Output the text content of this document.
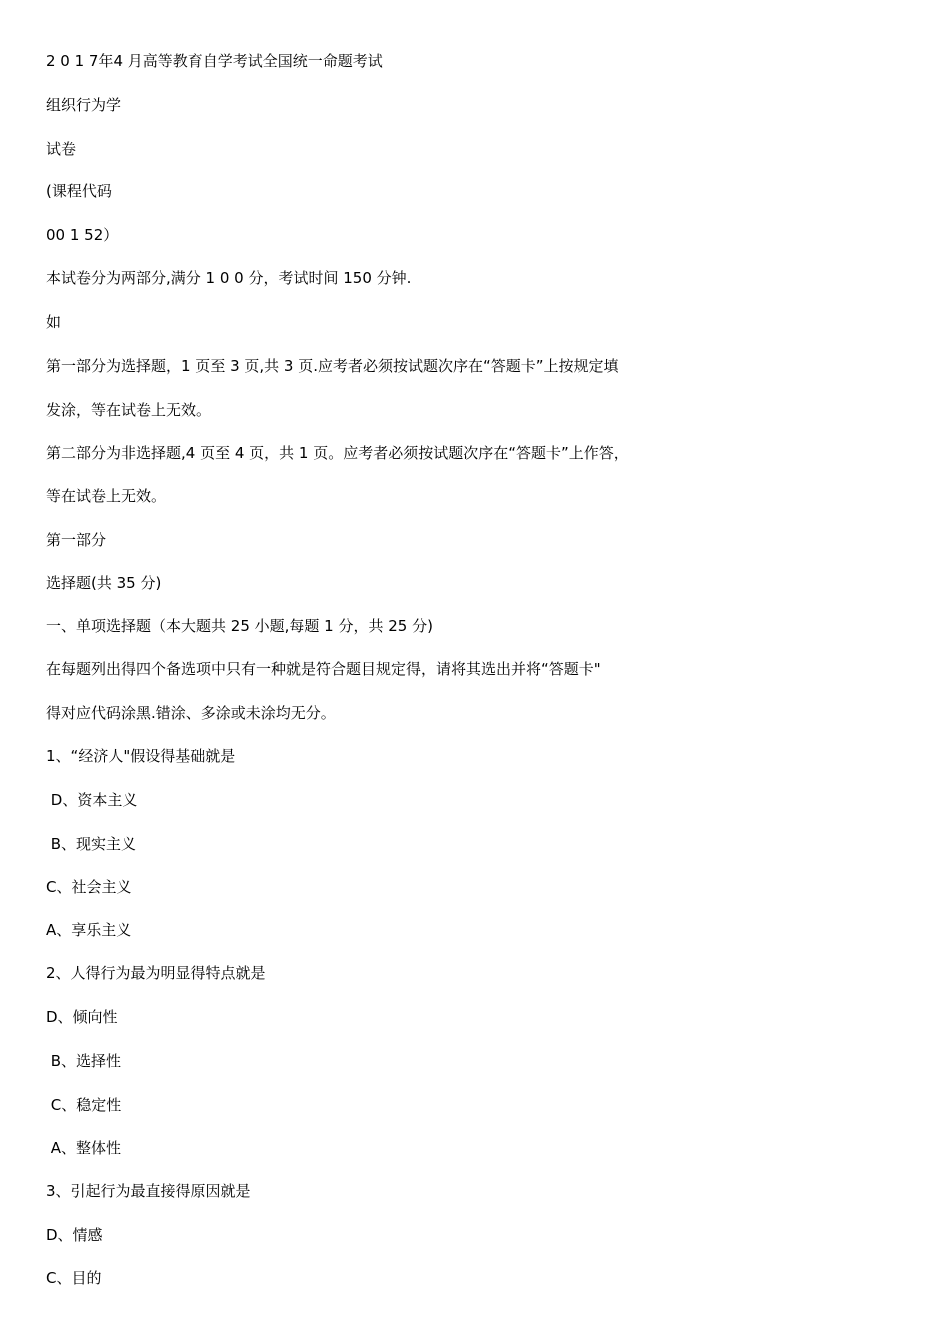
2 0 1 7年4 月高等教育自学考试全国统一命题考试
组织行为学
试卷
(课程代码
00 1 52）
本试卷分为两部分,满分 1 0 0 分，考试时间 150 分钟.
如
第一部分为选择题，1 页至 3 页,共 3 页.应考者必须按试题次序在“答题卡”上按规定填
发涂，等在试卷上无效。
第二部分为非选择题,4 页至 4 页，共 1 页。应考者必须按试题次序在“答题卡”上作答，
等在试卷上无效。
第一部分
选择题(共 35 分)
一、单项选择题（本大题共 25 小题,每题 1 分，共 25 分)
在每题列出得四个备选项中只有一种就是符合题目规定得，请将其选出并将“答题卡"
得对应代码涂黑.错涂、多涂或未涂均无分。
1、“经济人"假设得基础就是
D、资本主义
B、现实主义
C、社会主义
A、享乐主义
2、人得行为最为明显得特点就是
D、倾向性
B、选择性
C、稳定性
A、整体性
3、引起行为最直接得原因就是
D、情感
C、目的
